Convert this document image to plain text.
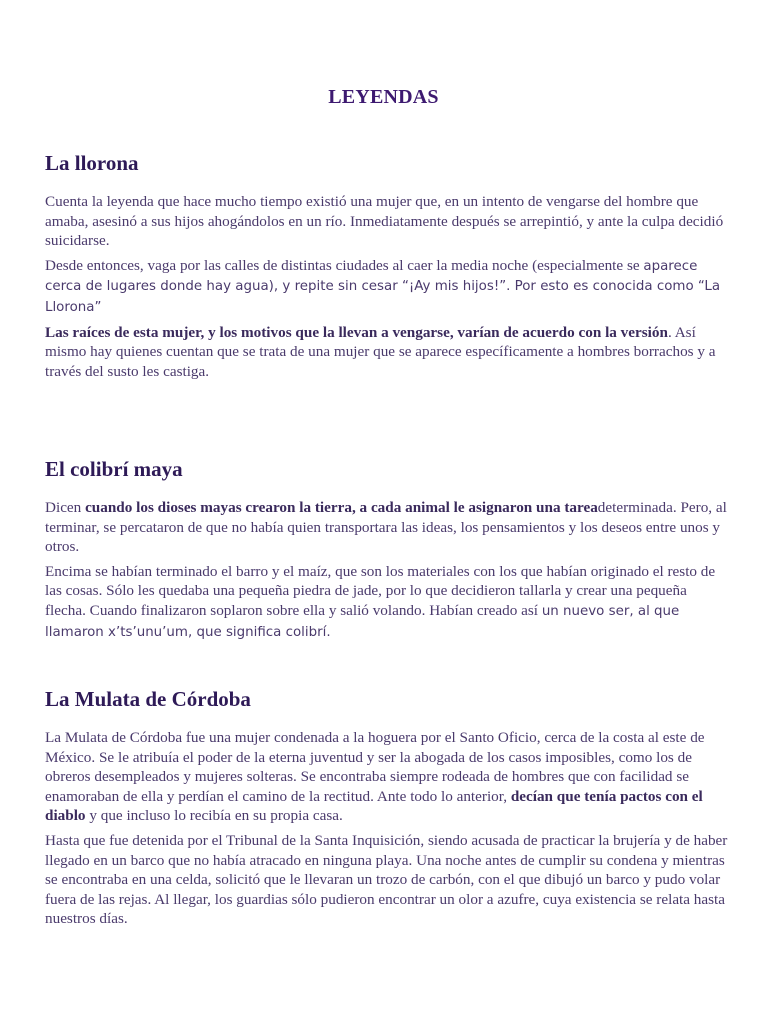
LEYENDAS
La llorona

Cuenta la leyenda que hace mucho tiempo existió una mujer que, en un intento de vengarse del hombre que amaba, asesinó a sus hijos ahogándolos en un río. Inmediatamente después se arrepintió, y ante la culpa decidió suicidarse.

Desde entonces, vaga por las calles de distintas ciudades al caer la media noche (especialmente se aparece cerca de lugares donde hay agua), y repite sin cesar “¡Ay mis hijos!”. Por esto es conocida como “La Llorona”

Las raíces de esta mujer, y los motivos que la llevan a vengarse, varían de acuerdo con la versión. Así mismo hay quienes cuentan que se trata de una mujer que se aparece específicamente a hombres borrachos y a través del susto les castiga.

El colibrí maya

Dicen cuando los dioses mayas crearon la tierra, a cada animal le asignaron una tareadeterminada. Pero, al terminar, se percataron de que no había quien transportara las ideas, los pensamientos y los deseos entre unos y otros.

Encima se habían terminado el barro y el maíz, que son los materiales con los que habían originado el resto de las cosas. Sólo les quedaba una pequeña piedra de jade, por lo que decidieron tallarla y crear una pequeña flecha. Cuando finalizaron soplaron sobre ella y salió volando. Habían creado así un nuevo ser, al que llamaron x’ts’unu’um, que significa colibrí.

La Mulata de Córdoba

La Mulata de Córdoba fue una mujer condenada a la hoguera por el Santo Oficio, cerca de la costa al este de México. Se le atribuía el poder de la eterna juventud y ser la abogada de los casos imposibles, como los de obreros desempleados y mujeres solteras. Se encontraba siempre rodeada de hombres que con facilidad se enamoraban de ella y perdían el camino de la rectitud. Ante todo lo anterior, decían que tenía pactos con el diablo y que incluso lo recibía en su propia casa.

Hasta que fue detenida por el Tribunal de la Santa Inquisición, siendo acusada de practicar la brujería y de haber llegado en un barco que no había atracado en ninguna playa. Una noche antes de cumplir su condena y mientras se encontraba en una celda, solicitó que le llevaran un trozo de carbón, con el que dibujó un barco y pudo volar fuera de las rejas. Al llegar, los guardias sólo pudieron encontrar un olor a azufre, cuya existencia se relata hasta nuestros días.
